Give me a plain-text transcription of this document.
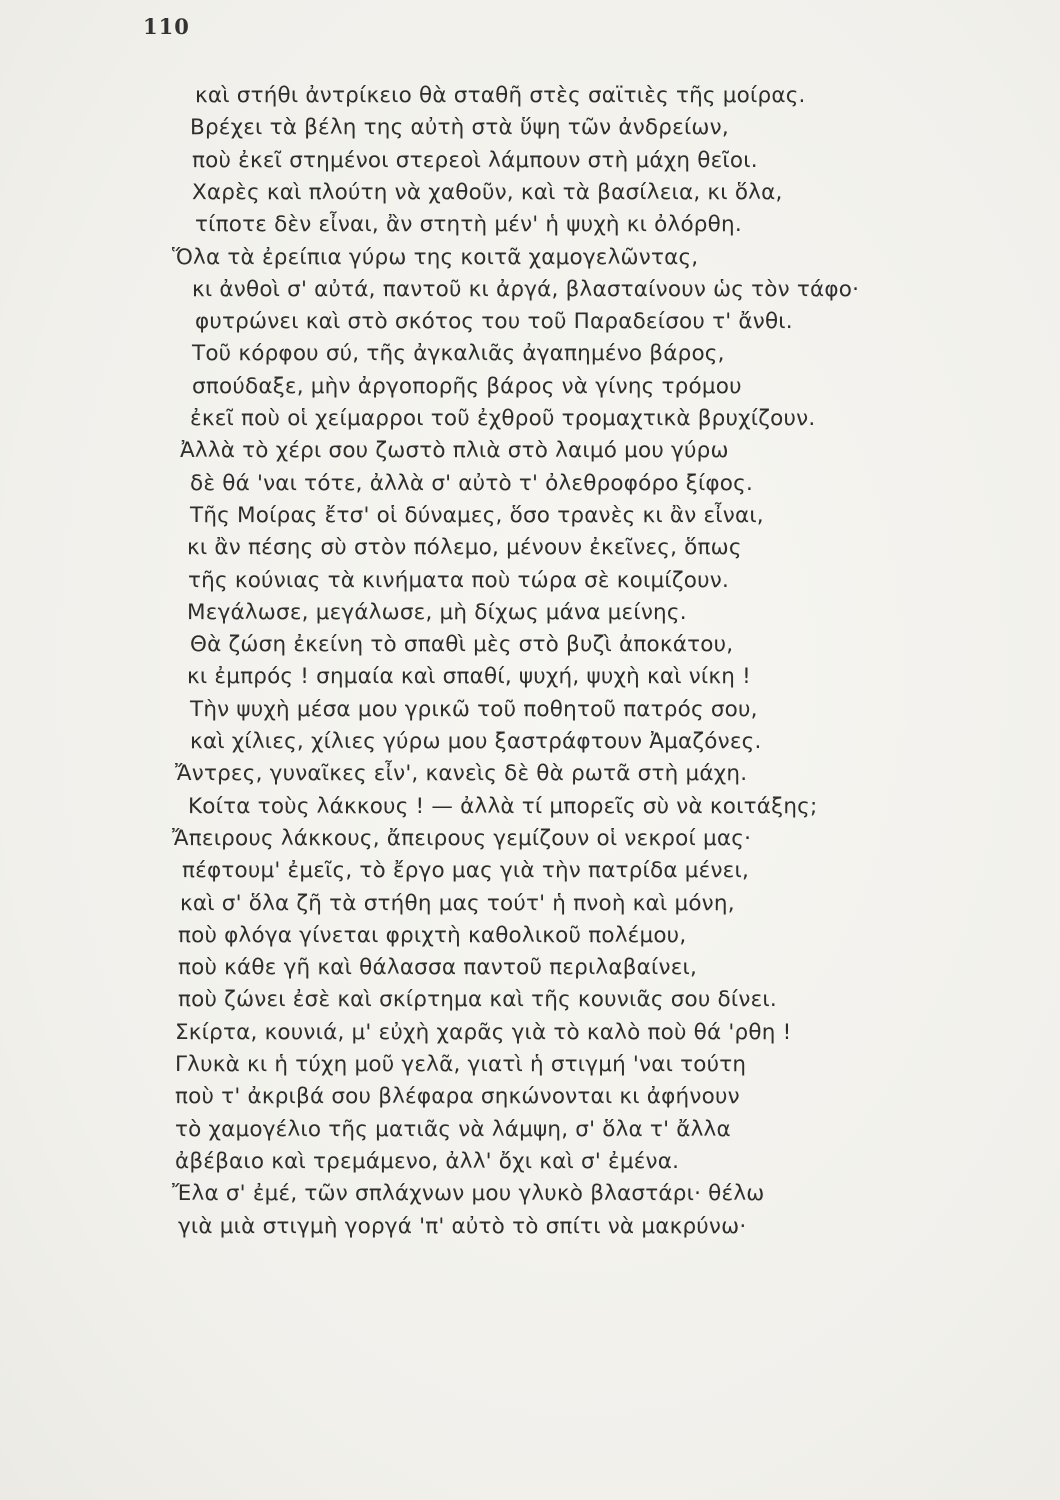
110
καὶ στήθι ἀντρίκειο θὰ σταθῆ στὲς σαϊτιὲς τῆς μοίρας.
Βρέχει τὰ βέλη της αὐτὴ στὰ ὕψη τῶν ἀνδρείων,
ποὺ ἐκεῖ στημένοι στερεοὶ λάμπουν στὴ μάχη θεῖοι.
Χαρὲς καὶ πλούτη νὰ χαθοῦν, καὶ τὰ βασίλεια, κι ὅλα,
τίποτε δὲν εἶναι, ἂν στητὴ μέν' ἡ ψυχὴ κι ὀλόρθη.
Ὅλα τὰ ἐρείπια γύρω της κοιτᾶ χαμογελῶντας,
κι ἀνθοὶ σ' αὐτά, παντοῦ κι ἀργά, βλασταίνουν ὡς τὸν τάφο·
φυτρώνει καὶ στὸ σκότος του τοῦ Παραδείσου τ' ἄνθι.
Τοῦ κόρφου σύ, τῆς ἀγκαλιᾶς ἀγαπημένο βάρος,
σπούδαξε, μὴν ἀργοπορῆς βάρος νὰ γίνης τρόμου
ἐκεῖ ποὺ οἱ χείμαρροι τοῦ ἐχθροῦ τρομαχτικὰ βρυχίζουν.
Ἀλλὰ τὸ χέρι σου ζωστὸ πλιὰ στὸ λαιμό μου γύρω
δὲ θά 'ναι τότε, ἀλλὰ σ' αὐτὸ τ' ὀλεθροφόρο ξίφος.
Τῆς Μοίρας ἔτσ' οἱ δύναμες, ὅσο τρανὲς κι ἂν εἶναι,
κι ἂν πέσης σὺ στὸν πόλεμο, μένουν ἐκεῖνες, ὅπως
τῆς κούνιας τὰ κινήματα ποὺ τώρα σὲ κοιμίζουν.
Μεγάλωσε, μεγάλωσε, μὴ δίχως μάνα μείνης.
Θὰ ζώση ἐκείνη τὸ σπαθὶ μὲς στὸ βυζὶ ἀποκάτου,
κι ἐμπρός ! σημαία καὶ σπαθί, ψυχή, ψυχὴ καὶ νίκη !
Τὴν ψυχὴ μέσα μου γρικῶ τοῦ ποθητοῦ πατρός σου,
καὶ χίλιες, χίλιες γύρω μου ξαστράφτουν Ἀμαζόνες.
Ἄντρες, γυναῖκες εἶν', κανεὶς δὲ θὰ ρωτᾶ στὴ μάχη.
Κοίτα τοὺς λάκκους ! — ἀλλὰ τί μπορεῖς σὺ νὰ κοιτάξης;
Ἄπειρους λάκκους, ἄπειρους γεμίζουν οἱ νεκροί μας·
πέφτουμ' ἐμεῖς, τὸ ἔργο μας γιὰ τὴν πατρίδα μένει,
καὶ σ' ὅλα ζῆ τὰ στήθη μας τούτ' ἡ πνοὴ καὶ μόνη,
ποὺ φλόγα γίνεται φριχτὴ καθολικοῦ πολέμου,
ποὺ κάθε γῆ καὶ θάλασσα παντοῦ περιλαβαίνει,
ποὺ ζώνει ἐσὲ καὶ σκίρτημα καὶ τῆς κουνιᾶς σου δίνει.
Σκίρτα, κουνιά, μ' εὐχὴ χαρᾶς γιὰ τὸ καλὸ ποὺ θά 'ρθη !
Γλυκὰ κι ἡ τύχη μοῦ γελᾶ, γιατὶ ἡ στιγμή 'ναι τούτη
ποὺ τ' ἀκριβά σου βλέφαρα σηκώνονται κι ἀφήνουν
τὸ χαμογέλιο τῆς ματιᾶς νὰ λάμψη, σ' ὅλα τ' ἄλλα
ἀβέβαιο καὶ τρεμάμενο, ἀλλ' ὄχι καὶ σ' ἐμένα.
Ἔλα σ' ἐμέ, τῶν σπλάχνων μου γλυκὸ βλαστάρι· θέλω
γιὰ μιὰ στιγμὴ γοργά 'π' αὐτὸ τὸ σπίτι νὰ μακρύνω·
